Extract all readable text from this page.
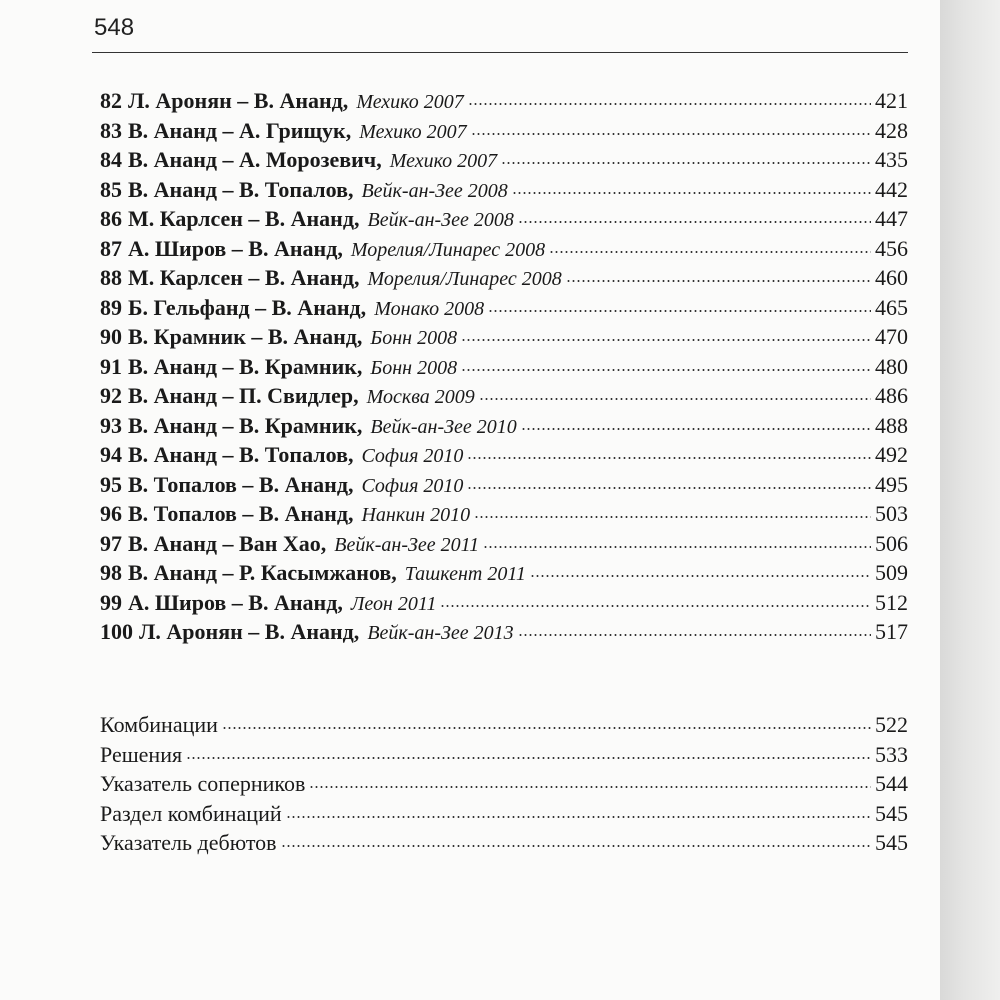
548
82 Л. Аронян – В. Ананд, Мехико 2007	421
83 В. Ананд – А. Грищук, Мехико 2007	428
84 В. Ананд – А. Морозевич, Мехико 2007	435
85 В. Ананд – В. Топалов, Вейк-ан-Зее 2008	442
86 М. Карлсен – В. Ананд, Вейк-ан-Зее 2008	447
87 А. Широв – В. Ананд, Морелия/Линарес 2008	456
88 М. Карлсен – В. Ананд, Морелия/Линарес 2008	460
89 Б. Гельфанд – В. Ананд, Монако 2008	465
90 В. Крамник – В. Ананд, Бонн 2008	470
91 В. Ананд – В. Крамник, Бонн 2008	480
92 В. Ананд – П. Свидлер, Москва 2009	486
93 В. Ананд – В. Крамник, Вейк-ан-Зее 2010	488
94 В. Ананд – В. Топалов, София 2010	492
95 В. Топалов – В. Ананд, София 2010	495
96 В. Топалов – В. Ананд, Нанкин 2010	503
97 В. Ананд – Ван Хао, Вейк-ан-Зее 2011	506
98 В. Ананд – Р. Касымжанов, Ташкент 2011	509
99 А. Широв – В. Ананд, Леон 2011	512
100 Л. Аронян – В. Ананд, Вейк-ан-Зее 2013	517
Комбинации	522
Решения	533
Указатель соперников	544
Раздел комбинаций	545
Указатель дебютов	545
